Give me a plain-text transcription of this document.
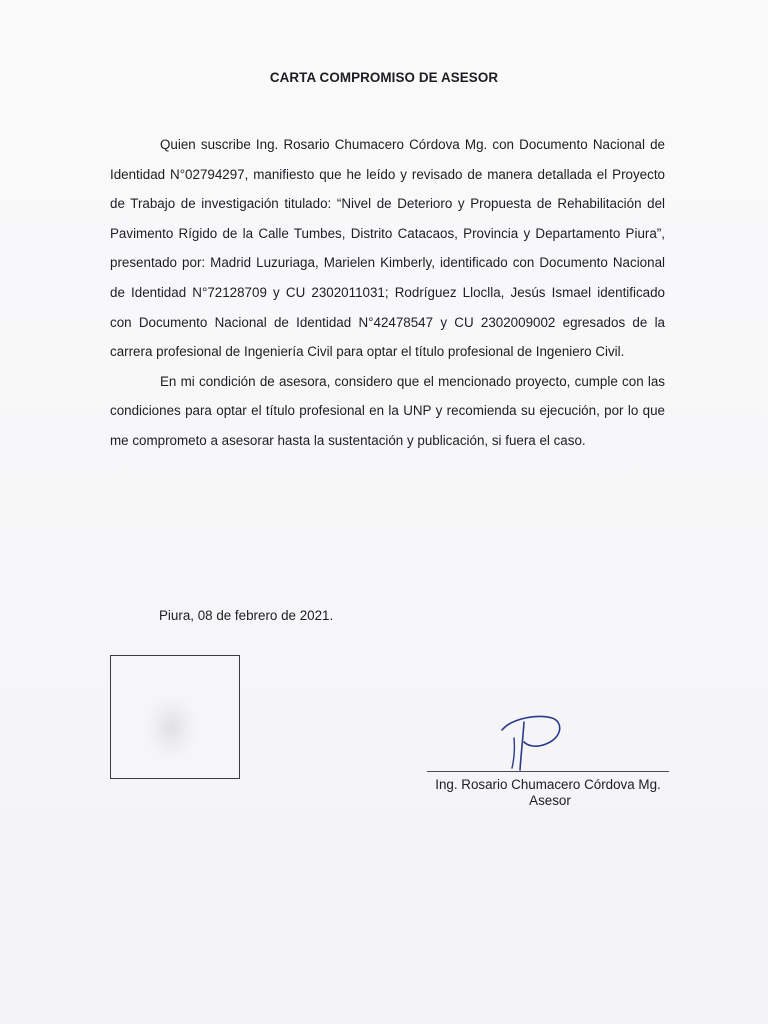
CARTA COMPROMISO DE ASESOR

Quien suscribe Ing. Rosario Chumacero Córdova Mg. con Documento Nacional de Identidad N°02794297, manifiesto que he leído y revisado de manera detallada el Proyecto de Trabajo de investigación titulado: “Nivel de Deterioro y Propuesta de Rehabilitación del Pavimento Rígido de la Calle Tumbes, Distrito Catacaos, Provincia y Departamento Piura”, presentado por: Madrid Luzuriaga, Marielen Kimberly, identificado con Documento Nacional de Identidad N°72128709 y CU 2302011031; Rodríguez Lloclla, Jesús Ismael identificado con Documento Nacional de Identidad N°42478547 y CU 2302009002 egresados de la carrera profesional de Ingeniería Civil para optar el título profesional de Ingeniero Civil.

En mi condición de asesora, considero que el mencionado proyecto, cumple con las condiciones para optar el título profesional en la UNP y recomienda su ejecución, por lo que me comprometo a asesorar hasta la sustentación y publicación, si fuera el caso.

Piura, 08 de febrero de 2021.
Ing. Rosario Chumacero Córdova Mg.
Asesor
